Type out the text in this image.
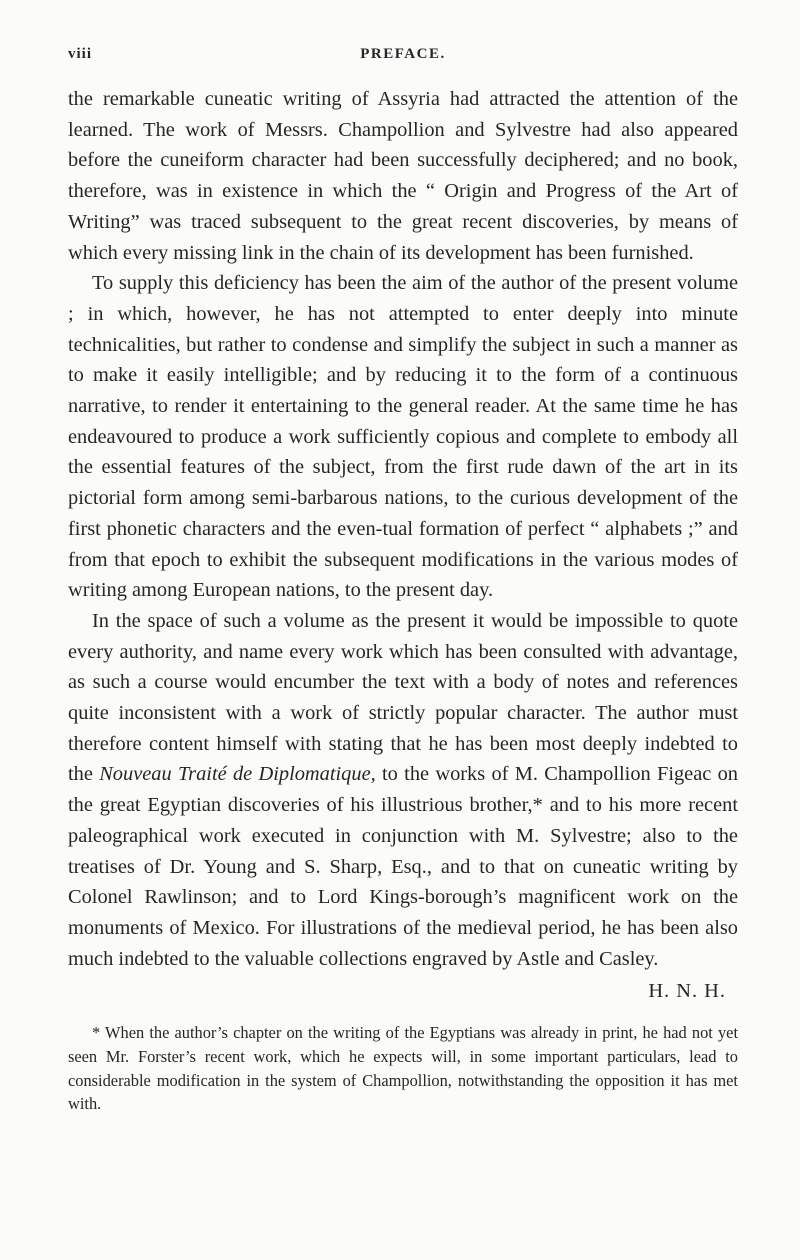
viii	PREFACE.

the remarkable cuneatic writing of Assyria had attracted the attention of the learned. The work of Messrs. Champollion and Sylvestre had also appeared before the cuneiform character had been successfully deciphered; and no book, therefore, was in existence in which the “ Origin and Progress of the Art of Writing” was traced subsequent to the great recent discoveries, by means of which every missing link in the chain of its development has been furnished.

To supply this deficiency has been the aim of the author of the present volume ; in which, however, he has not attempted to enter deeply into minute technicalities, but rather to condense and simplify the subject in such a manner as to make it easily intelligible; and by reducing it to the form of a continuous narrative, to render it entertaining to the general reader. At the same time he has endeavoured to produce a work sufficiently copious and complete to embody all the essential features of the subject, from the first rude dawn of the art in its pictorial form among semi-barbarous nations, to the curious development of the first phonetic characters and the even-tual formation of perfect “ alphabets ;” and from that epoch to exhibit the subsequent modifications in the various modes of writing among European nations, to the present day.

In the space of such a volume as the present it would be impossible to quote every authority, and name every work which has been consulted with advantage, as such a course would encumber the text with a body of notes and references quite inconsistent with a work of strictly popular character. The author must therefore content himself with stating that he has been most deeply indebted to the Nouveau Traité de Diplomatique, to the works of M. Champollion Figeac on the great Egyptian discoveries of his illustrious brother,* and to his more recent paleographical work executed in conjunction with M. Sylvestre; also to the treatises of Dr. Young and S. Sharp, Esq., and to that on cuneatic writing by Colonel Rawlinson; and to Lord Kings-borough’s magnificent work on the monuments of Mexico. For illustrations of the medieval period, he has been also much indebted to the valuable collections engraved by Astle and Casley.

H. N. H.
* When the author’s chapter on the writing of the Egyptians was already in print, he had not yet seen Mr. Forster’s recent work, which he expects will, in some important particulars, lead to considerable modification in the system of Champollion, notwithstanding the opposition it has met with.
